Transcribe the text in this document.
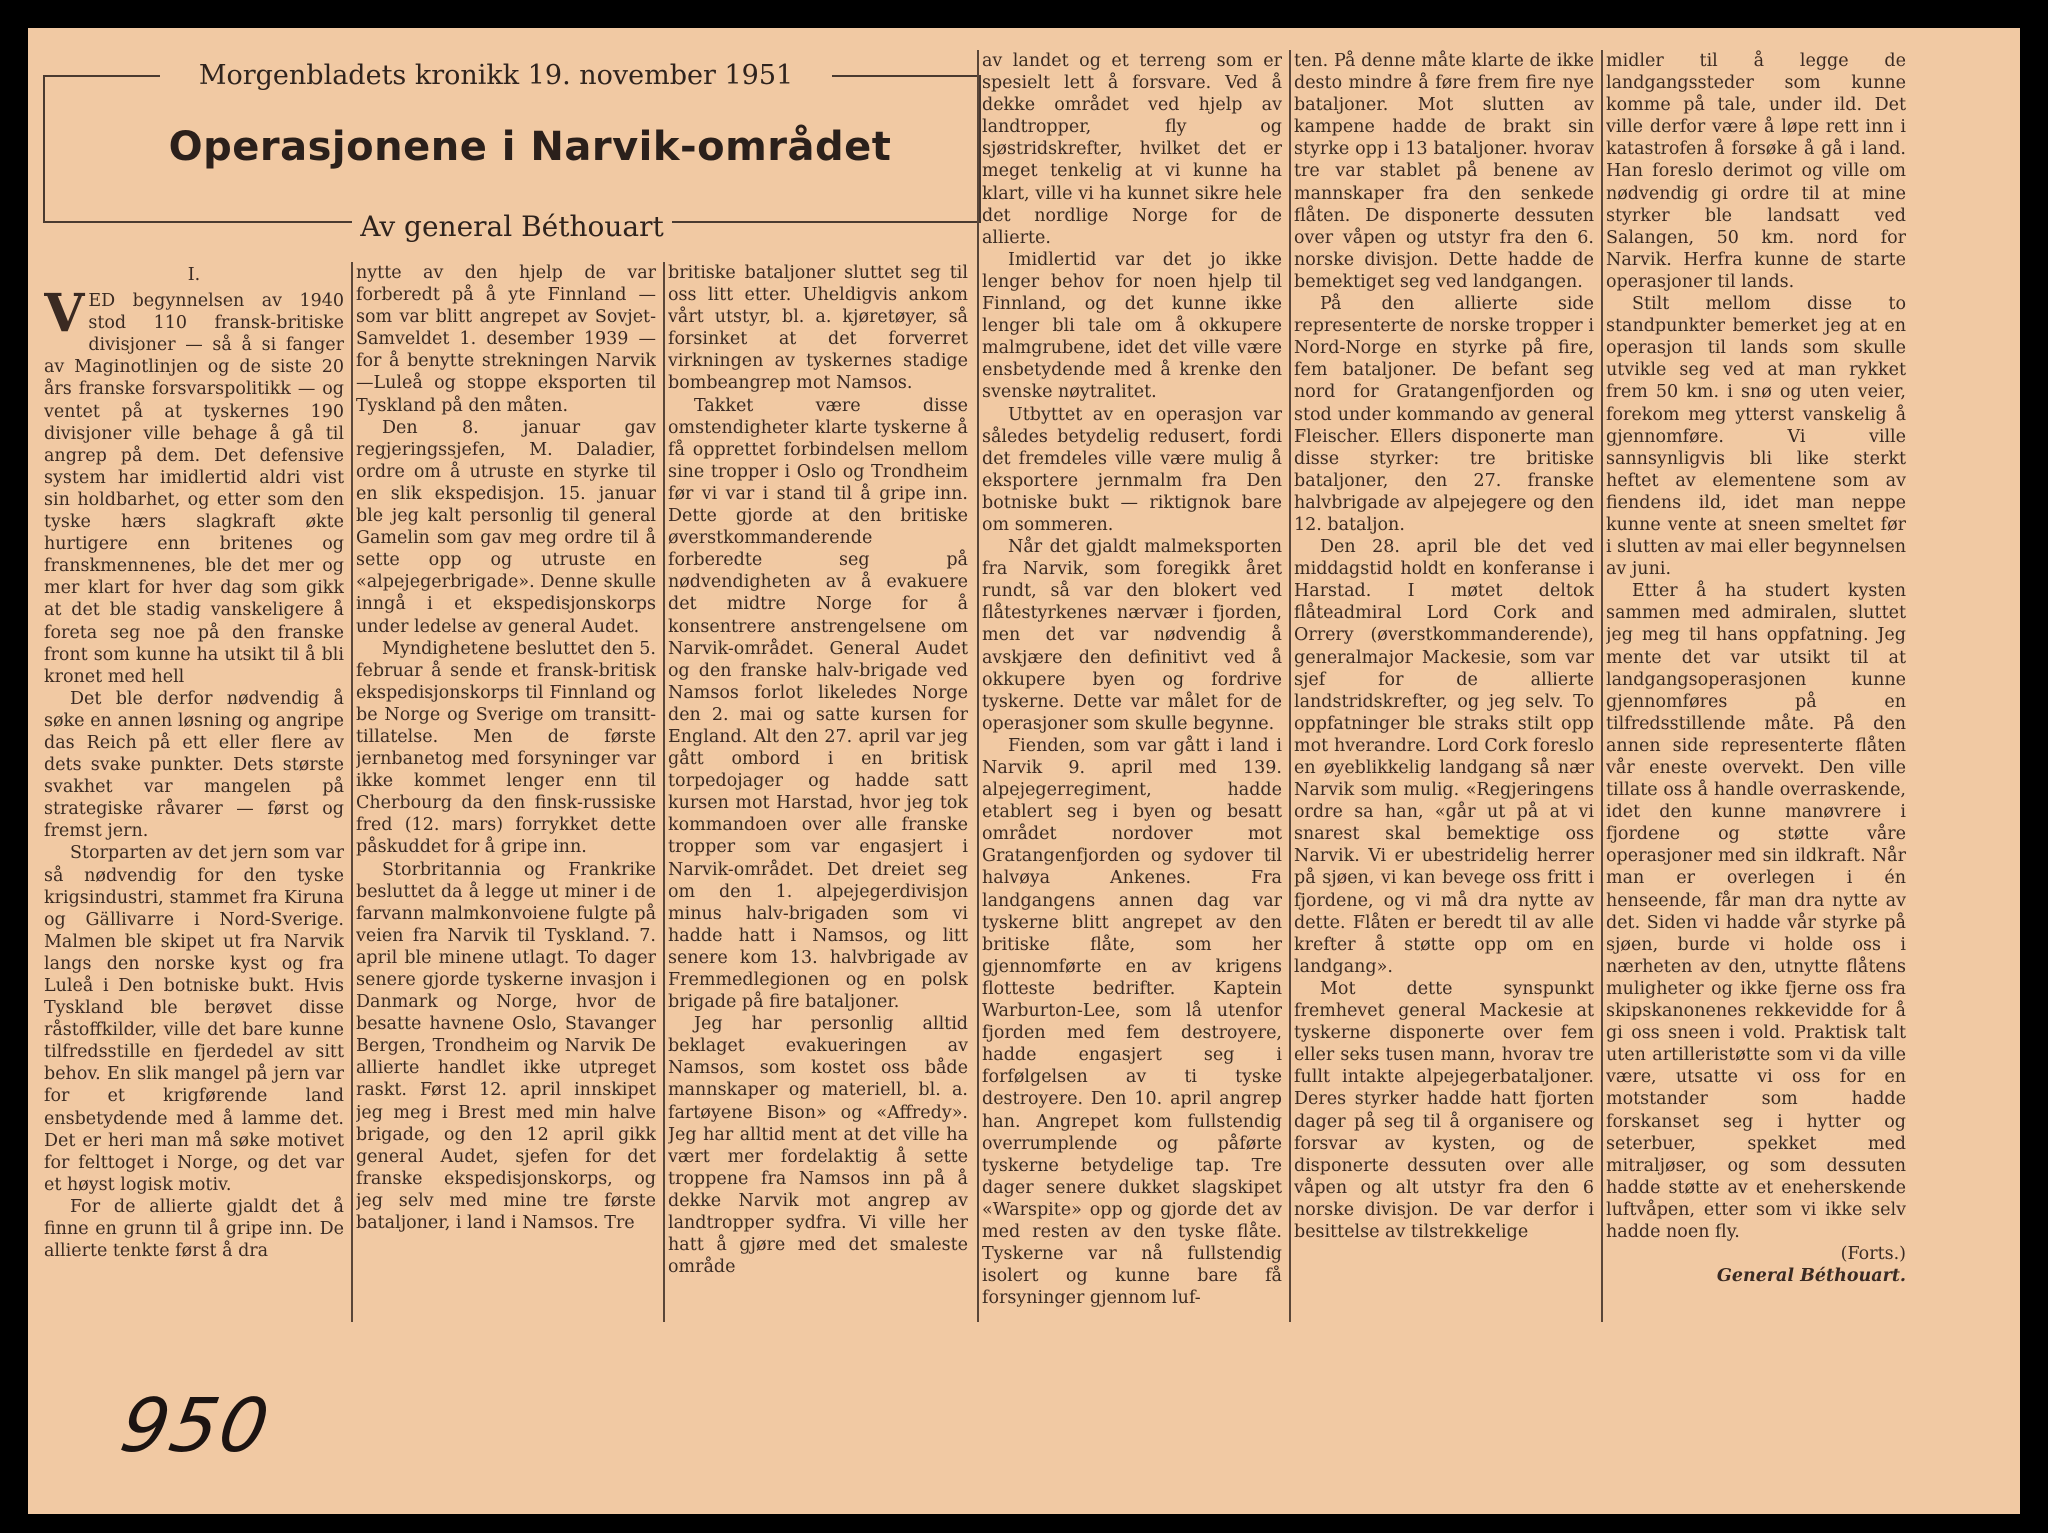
Morgenbladets kronikk 19. november 1951
Operasjonene i Narvik-området
Av general Béthouart

I.

VED begynnelsen av 1940 stod 110 fransk-britiske divisjoner — så å si fanger av Maginotlinjen og de siste 20 års franske forsvarspolitikk — og ventet på at tyskernes 190 divisjoner ville behage å gå til angrep på dem. Det defensive system har imidlertid aldri vist sin holdbarhet, og etter som den tyske hærs slagkraft økte hurtigere enn britenes og franskmennenes, ble det mer og mer klart for hver dag som gikk at det ble stadig vanskeligere å foreta seg noe på den franske front som kunne ha utsikt til å bli kronet med hell

Det ble derfor nødvendig å søke en annen løsning og angripe das Reich på ett eller flere av dets svake punkter. Dets største svakhet var mangelen på strategiske råvarer — først og fremst jern.

Storparten av det jern som var så nødvendig for den tyske krigsindustri, stammet fra Kiruna og Gällivarre i Nord-Sverige. Malmen ble skipet ut fra Narvik langs den norske kyst og fra Luleå i Den botniske bukt. Hvis Tyskland ble berøvet disse råstoffkilder, ville det bare kunne tilfredsstille en fjerdedel av sitt behov. En slik mangel på jern var for et krigførende land ensbetydende med å lamme det. Det er heri man må søke motivet for felttoget i Norge, og det var et høyst logisk motiv.

For de allierte gjaldt det å finne en grunn til å gripe inn. De allierte tenkte først å dra

nytte av den hjelp de var forberedt på å yte Finnland — som var blitt angrepet av Sovjet-Samveldet 1. desember 1939 — for å benytte strekningen Narvik—Luleå og stoppe eksporten til Tyskland på den måten.

Den 8. januar gav regjeringssjefen, M. Daladier, ordre om å utruste en styrke til en slik ekspedisjon. 15. januar ble jeg kalt personlig til general Gamelin som gav meg ordre til å sette opp og utruste en «alpejegerbrigade». Denne skulle inngå i et ekspedisjonskorps under ledelse av general Audet.

Myndighetene besluttet den 5. februar å sende et fransk-britisk ekspedisjonskorps til Finnland og be Norge og Sverige om transitt-tillatelse. Men de første jernbanetog med forsyninger var ikke kommet lenger enn til Cherbourg da den finsk-russiske fred (12. mars) forrykket dette påskuddet for å gripe inn.

Storbritannia og Frankrike besluttet da å legge ut miner i de farvann malmkonvoiene fulgte på veien fra Narvik til Tyskland. 7. april ble minene utlagt. To dager senere gjorde tyskerne invasjon i Danmark og Norge, hvor de besatte havnene Oslo, Stavanger Bergen, Trondheim og Narvik De allierte handlet ikke utpreget raskt. Først 12. april innskipet jeg meg i Brest med min halve brigade, og den 12 april gikk general Audet, sjefen for det franske ekspedisjonskorps, og jeg selv med mine tre første bataljoner, i land i Namsos. Tre

britiske bataljoner sluttet seg til oss litt etter. Uheldigvis ankom vårt utstyr, bl. a. kjøretøyer, så forsinket at det forverret virkningen av tyskernes stadige bombeangrep mot Namsos.

Takket være disse omstendigheter klarte tyskerne å få opprettet forbindelsen mellom sine tropper i Oslo og Trondheim før vi var i stand til å gripe inn. Dette gjorde at den britiske øverstkommanderende forberedte seg på nødvendigheten av å evakuere det midtre Norge for å konsentrere anstrengelsene om Narvik-området. General Audet og den franske halv-brigade ved Namsos forlot likeledes Norge den 2. mai og satte kursen for England. Alt den 27. april var jeg gått ombord i en britisk torpedojager og hadde satt kursen mot Harstad, hvor jeg tok kommandoen over alle franske tropper som var engasjert i Narvik-området. Det dreiet seg om den 1. alpejegerdivisjon minus halv-brigaden som vi hadde hatt i Namsos, og litt senere kom 13. halvbrigade av Fremmedlegionen og en polsk brigade på fire bataljoner.

Jeg har personlig alltid beklaget evakueringen av Namsos, som kostet oss både mannskaper og materiell, bl. a. fartøyene Bison» og «Affredy». Jeg har alltid ment at det ville ha vært mer fordelaktig å sette troppene fra Namsos inn på å dekke Narvik mot angrep av landtropper sydfra. Vi ville her hatt å gjøre med det smaleste område

av landet og et terreng som er spesielt lett å forsvare. Ved å dekke området ved hjelp av landtropper, fly og sjøstridskrefter, hvilket det er meget tenkelig at vi kunne ha klart, ville vi ha kunnet sikre hele det nordlige Norge for de allierte.

Imidlertid var det jo ikke lenger behov for noen hjelp til Finnland, og det kunne ikke lenger bli tale om å okkupere malmgrubene, idet det ville være ensbetydende med å krenke den svenske nøytralitet.

Utbyttet av en operasjon var således betydelig redusert, fordi det fremdeles ville være mulig å eksportere jernmalm fra Den botniske bukt — riktignok bare om sommeren.

Når det gjaldt malmeksporten fra Narvik, som foregikk året rundt, så var den blokert ved flåtestyrkenes nærvær i fjorden, men det var nødvendig å avskjære den definitivt ved å okkupere byen og fordrive tyskerne. Dette var målet for de operasjoner som skulle begynne.

Fienden, som var gått i land i Narvik 9. april med 139. alpejegerregiment, hadde etablert seg i byen og besatt området nordover mot Gratangenfjorden og sydover til halvøya Ankenes. Fra landgangens annen dag var tyskerne blitt angrepet av den britiske flåte, som her gjennomførte en av krigens flotteste bedrifter. Kaptein Warburton-Lee, som lå utenfor fjorden med fem destroyere, hadde engasjert seg i forfølgelsen av ti tyske destroyere. Den 10. april angrep han. Angrepet kom fullstendig overrumplende og påførte tyskerne betydelige tap. Tre dager senere dukket slagskipet «Warspite» opp og gjorde det av med resten av den tyske flåte. Tyskerne var nå fullstendig isolert og kunne bare få forsyninger gjennom luf-

ten. På denne måte klarte de ikke desto mindre å føre frem fire nye bataljoner. Mot slutten av kampene hadde de brakt sin styrke opp i 13 bataljoner. hvorav tre var stablet på benene av mannskaper fra den senkede flåten. De disponerte dessuten over våpen og utstyr fra den 6. norske divisjon. Dette hadde de bemektiget seg ved landgangen.

På den allierte side representerte de norske tropper i Nord-Norge en styrke på fire, fem bataljoner. De befant seg nord for Gratangenfjorden og stod under kommando av general Fleischer. Ellers disponerte man disse styrker: tre britiske bataljoner, den 27. franske halvbrigade av alpejegere og den 12. bataljon.

Den 28. april ble det ved middagstid holdt en konferanse i Harstad. I møtet deltok flåteadmiral Lord Cork and Orrery (øverstkommanderende), generalmajor Mackesie, som var sjef for de allierte landstridskrefter, og jeg selv. To oppfatninger ble straks stilt opp mot hverandre. Lord Cork foreslo en øyeblikkelig landgang så nær Narvik som mulig. «Regjeringens ordre sa han, «går ut på at vi snarest skal bemektige oss Narvik. Vi er ubestridelig herrer på sjøen, vi kan bevege oss fritt i fjordene, og vi må dra nytte av dette. Flåten er beredt til av alle krefter å støtte opp om en landgang».

Mot dette synspunkt fremhevet general Mackesie at tyskerne disponerte over fem eller seks tusen mann, hvorav tre fullt intakte alpejegerbataljoner. Deres styrker hadde hatt fjorten dager på seg til å organisere og forsvar av kysten, og de disponerte dessuten over alle våpen og alt utstyr fra den 6 norske divisjon. De var derfor i besittelse av tilstrekkelige

midler til å legge de landgangssteder som kunne komme på tale, under ild. Det ville derfor være å løpe rett inn i katastrofen å forsøke å gå i land. Han foreslo derimot og ville om nødvendig gi ordre til at mine styrker ble landsatt ved Salangen, 50 km. nord for Narvik. Herfra kunne de starte operasjoner til lands.

Stilt mellom disse to standpunkter bemerket jeg at en operasjon til lands som skulle utvikle seg ved at man rykket frem 50 km. i snø og uten veier, forekom meg ytterst vanskelig å gjennomføre. Vi ville sannsynligvis bli like sterkt heftet av elementene som av fiendens ild, idet man neppe kunne vente at sneen smeltet før i slutten av mai eller begynnelsen av juni.

Etter å ha studert kysten sammen med admiralen, sluttet jeg meg til hans oppfatning. Jeg mente det var utsikt til at landgangsoperasjonen kunne gjennomføres på en tilfredsstillende måte. På den annen side representerte flåten vår eneste overvekt. Den ville tillate oss å handle overraskende, idet den kunne manøvrere i fjordene og støtte våre operasjoner med sin ildkraft. Når man er overlegen i én henseende, får man dra nytte av det. Siden vi hadde vår styrke på sjøen, burde vi holde oss i nærheten av den, utnytte flåtens muligheter og ikke fjerne oss fra skipskanonenes rekkevidde for å gi oss sneen i vold. Praktisk talt uten artilleristøtte som vi da ville være, utsatte vi oss for en motstander som hadde forskanset seg i hytter og seterbuer, spekket med mitraljøser, og som dessuten hadde støtte av et eneherskende luftvåpen, etter som vi ikke selv hadde noen fly.

(Forts.)

General Béthouart.

950
